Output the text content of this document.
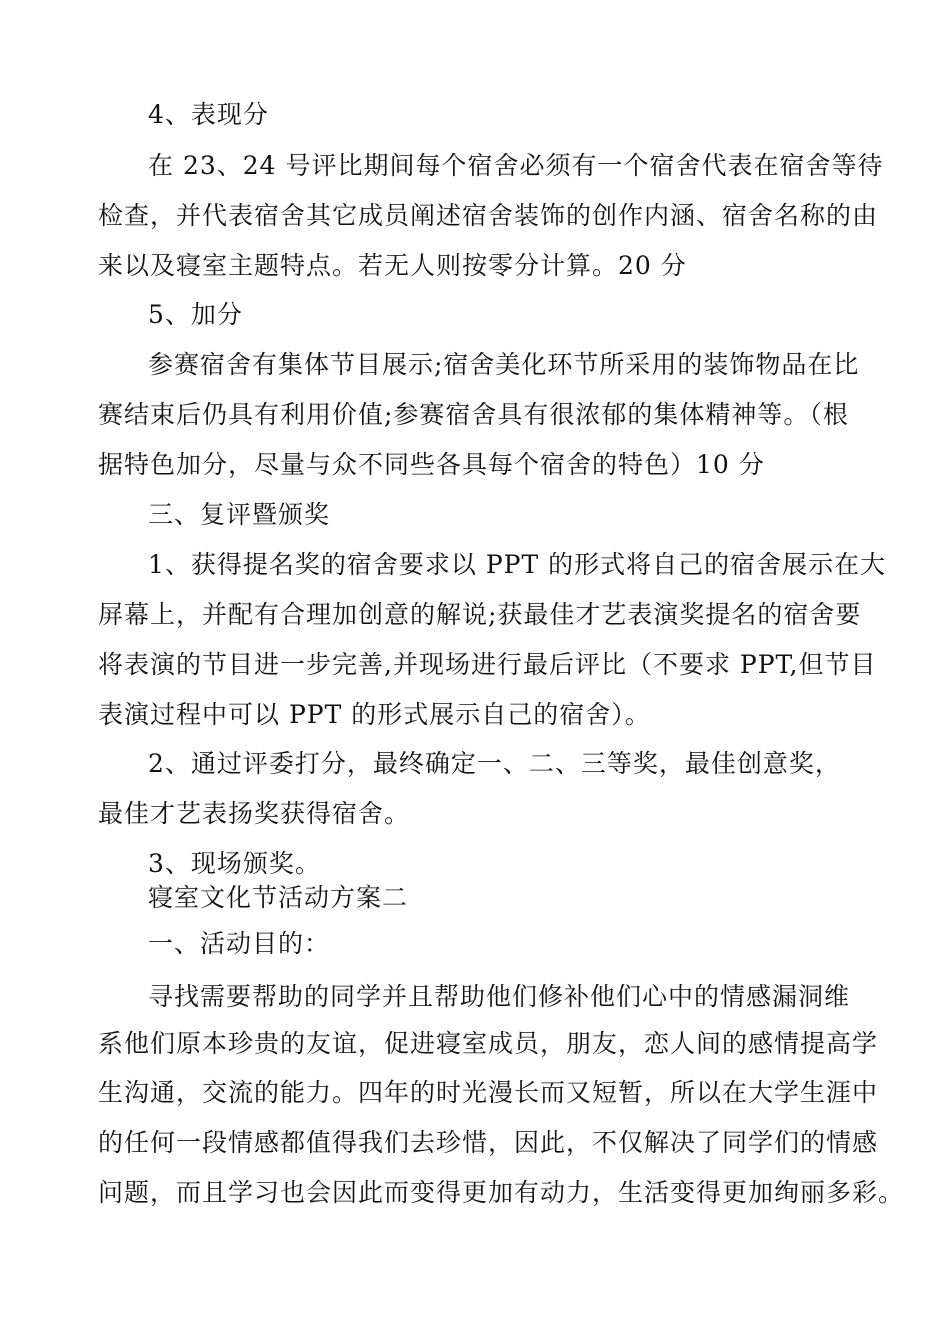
4、表现分
在 23、24 号评比期间每个宿舍必须有一个宿舍代表在宿舍等待
检查，并代表宿舍其它成员阐述宿舍装饰的创作内涵、宿舍名称的由
来以及寝室主题特点。若无人则按零分计算。20 分
5、加分
参赛宿舍有集体节目展示;宿舍美化环节所采用的装饰物品在比
赛结束后仍具有利用价值;参赛宿舍具有很浓郁的集体精神等。（根
据特色加分，尽量与众不同些各具每个宿舍的特色）10 分
三、复评暨颁奖
1、获得提名奖的宿舍要求以 PPT 的形式将自己的宿舍展示在大
屏幕上，并配有合理加创意的解说;获最佳才艺表演奖提名的宿舍要
将表演的节目进一步完善,并现场进行最后评比（不要求 PPT,但节目
表演过程中可以 PPT 的形式展示自己的宿舍）。
2、通过评委打分，最终确定一、二、三等奖，最佳创意奖，
最佳才艺表扬奖获得宿舍。
3、现场颁奖。
寝室文化节活动方案二
一、活动目的：
寻找需要帮助的同学并且帮助他们修补他们心中的情感漏洞维
系他们原本珍贵的友谊，促进寝室成员，朋友，恋人间的感情提高学
生沟通，交流的能力。四年的时光漫长而又短暂，所以在大学生涯中
的任何一段情感都值得我们去珍惜，因此，不仅解决了同学们的情感
问题，而且学习也会因此而变得更加有动力，生活变得更加绚丽多彩。
